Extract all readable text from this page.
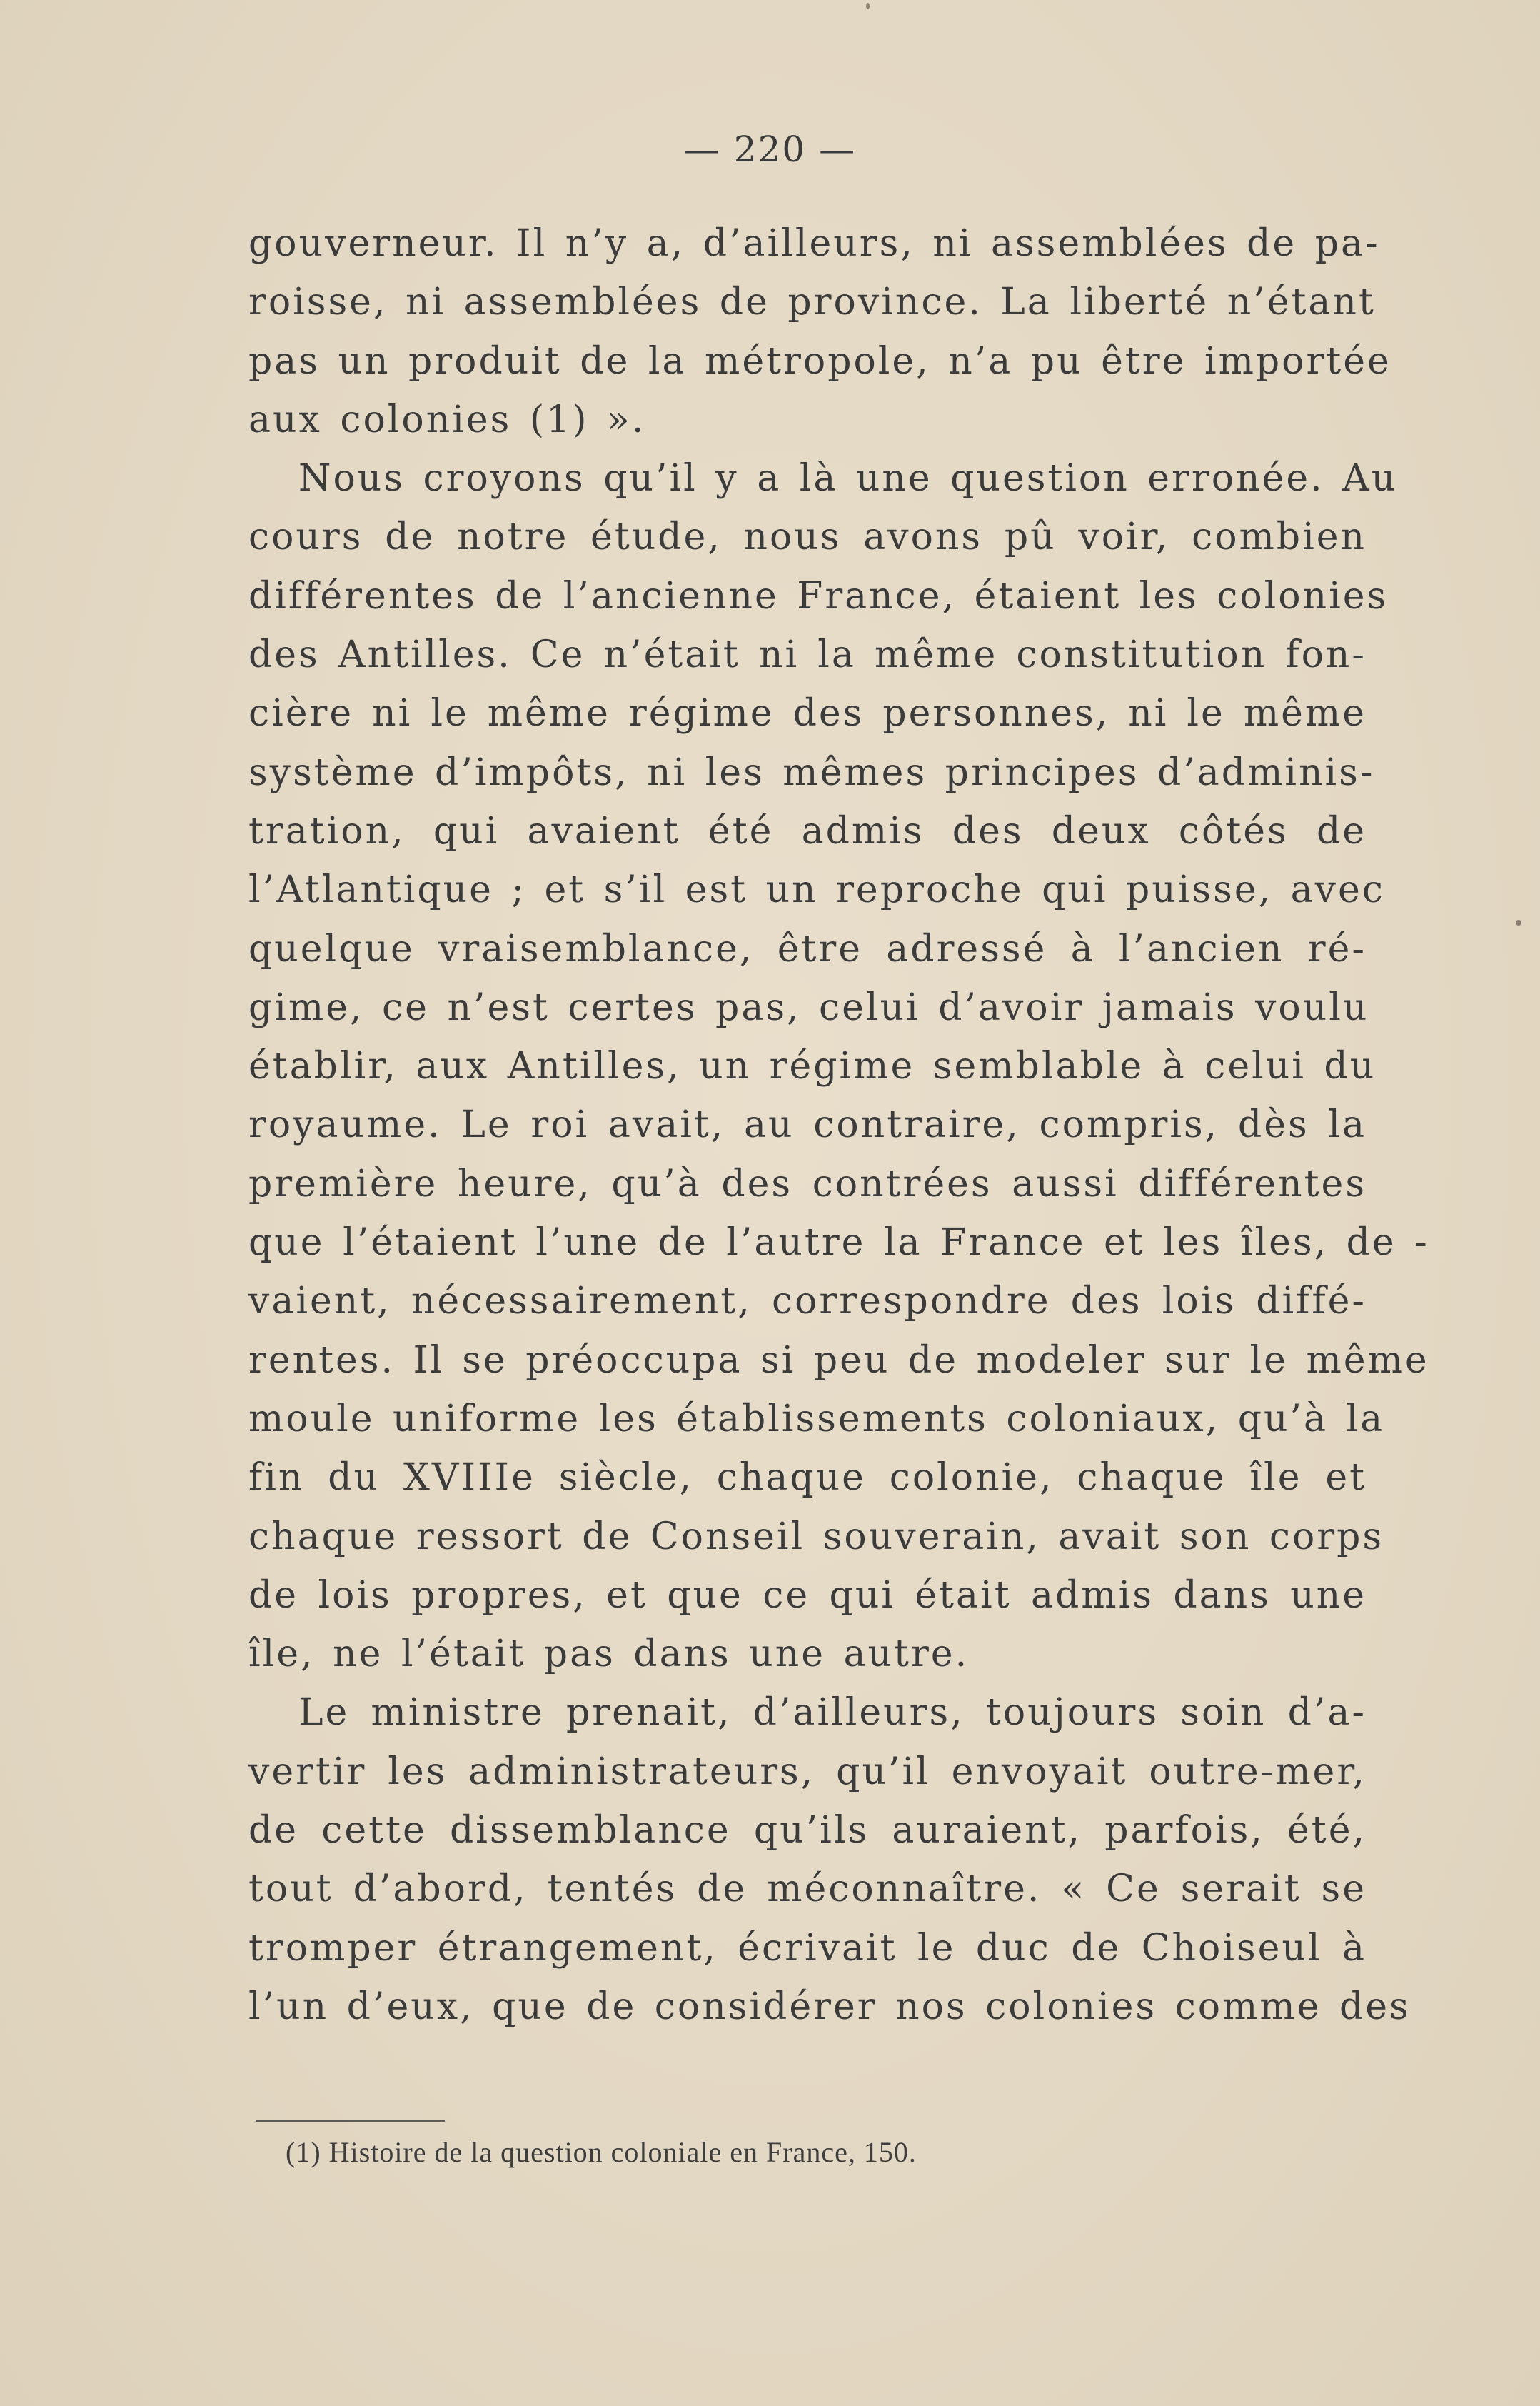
— 220 —
gouverneur. Il n’y a, d’ailleurs, ni assemblées de pa-
roisse, ni assemblées de province. La liberté n’étant
pas un produit de la métropole, n’a pu être importée
aux colonies (1) ».
Nous croyons qu’il y a là une question erronée. Au
cours de notre étude, nous avons pû voir, combien
différentes de l’ancienne France, étaient les colonies
des Antilles. Ce n’était ni la même constitution fon-
cière ni le même régime des personnes, ni le même
système d’impôts, ni les mêmes principes d’adminis-
tration, qui avaient été admis des deux côtés de
l’Atlantique ; et s’il est un reproche qui puisse, avec
quelque vraisemblance, être adressé à l’ancien ré-
gime, ce n’est certes pas, celui d’avoir jamais voulu
établir, aux Antilles, un régime semblable à celui du
royaume. Le roi avait, au contraire, compris, dès la
première heure, qu’à des contrées aussi différentes
que l’étaient l’une de l’autre la France et les îles, de -
vaient, nécessairement, correspondre des lois diffé-
rentes. Il se préoccupa si peu de modeler sur le même
moule uniforme les établissements coloniaux, qu’à la
fin du XVIIIe siècle, chaque colonie, chaque île et
chaque ressort de Conseil souverain, avait son corps
de lois propres, et que ce qui était admis dans une
île, ne l’était pas dans une autre.
Le ministre prenait, d’ailleurs, toujours soin d’a-
vertir les administrateurs, qu’il envoyait outre-mer,
de cette dissemblance qu’ils auraient, parfois, été,
tout d’abord, tentés de méconnaître. « Ce serait se
tromper étrangement, écrivait le duc de Choiseul à
l’un d’eux, que de considérer nos colonies comme des
(1) Histoire de la question coloniale en France, 150.
